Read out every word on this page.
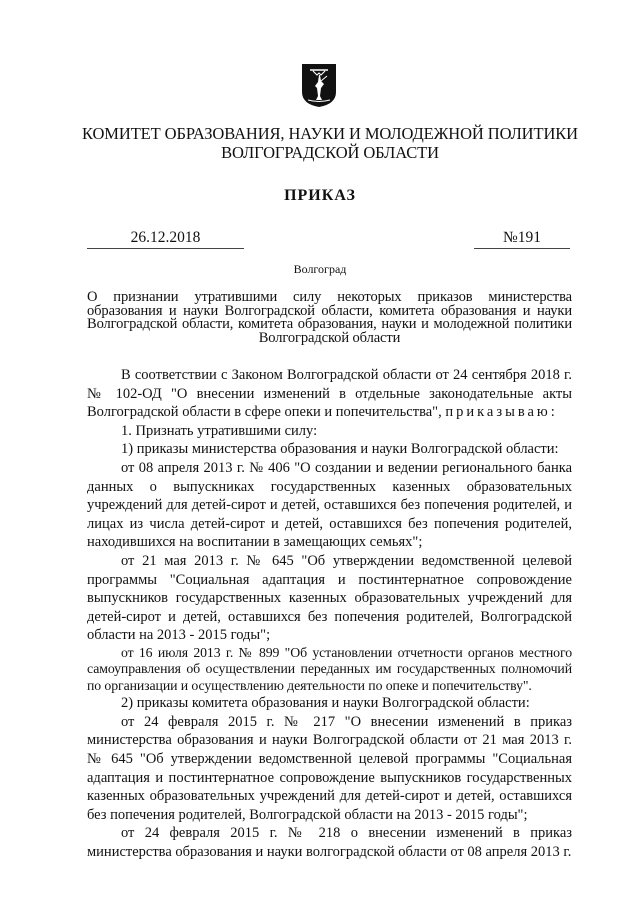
КОМИТЕТ ОБРАЗОВАНИЯ, НАУКИ И МОЛОДЕЖНОЙ ПОЛИТИКИ
ВОЛГОГРАДСКОЙ ОБЛАСТИ
ПРИКАЗ
26.12.2018	№191
Волгоград
О признании утратившими силу некоторых приказов министерства образования и науки Волгоградской области, комитета образования и науки Волгоградской области, комитета образования, науки и молодежной политики Волгоградской области

В соответствии с Законом Волгоградской области от 24 сентября 2018 г. № 102-ОД "О внесении изменений в отдельные законодательные акты Волгоградской области в сфере опеки и попечительства", приказываю:

1. Признать утратившими силу:

1) приказы министерства образования и науки Волгоградской области:

от 08 апреля 2013 г. № 406 "О создании и ведении регионального банка данных о выпускниках государственных казенных образовательных учреждений для детей-сирот и детей, оставшихся без попечения родителей, и лицах из числа детей-сирот и детей, оставшихся без попечения родителей, находившихся на воспитании в замещающих семьях";

от 21 мая 2013 г. № 645 "Об утверждении ведомственной целевой программы "Социальная адаптация и постинтернатное сопровождение выпускников государственных казенных образовательных учреждений для детей-сирот и детей, оставшихся без попечения родителей, Волгоградской области на 2013 - 2015 годы";

от 16 июля 2013 г. № 899 "Об установлении отчетности органов местного самоуправления об осуществлении переданных им государственных полномочий по организации и осуществлению деятельности по опеке и попечительству".

2) приказы комитета образования и науки Волгоградской области:

от 24 февраля 2015 г. № 217 "О внесении изменений в приказ министерства образования и науки Волгоградской области от 21 мая 2013 г. № 645 "Об утверждении ведомственной целевой программы "Социальная адаптация и постинтернатное сопровождение выпускников государственных казенных образовательных учреждений для детей-сирот и детей, оставшихся без попечения родителей, Волгоградской области на 2013 - 2015 годы";

от 24 февраля 2015 г. № 218 о внесении изменений в приказ министерства образования и науки волгоградской области от 08 апреля 2013 г.
